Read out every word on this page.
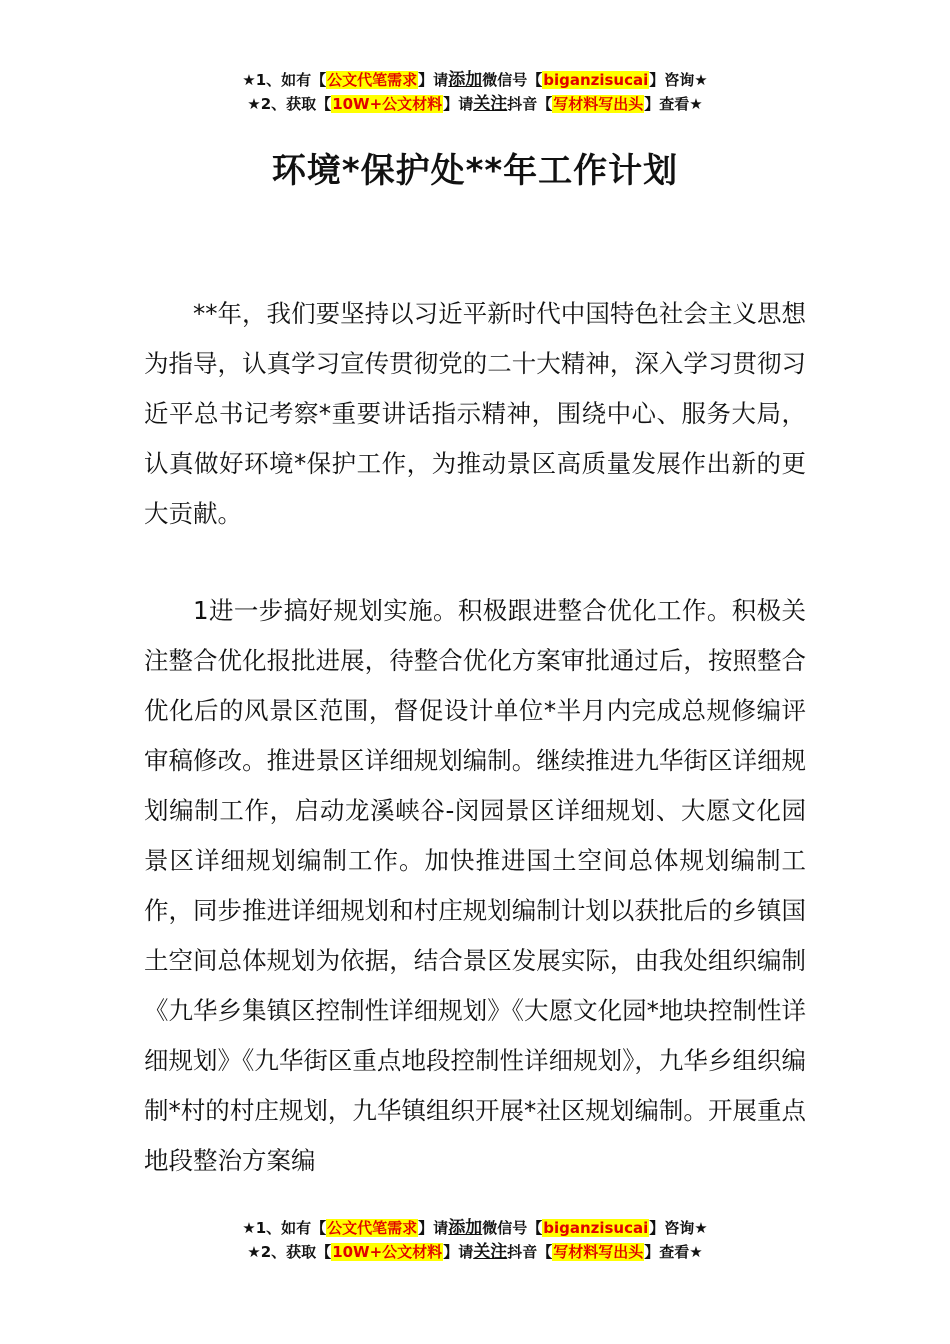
★1、如有【公文代笔需求】请添加微信号【biganzisucai】咨询★
★2、获取【10W+公文材料】请关注抖音【写材料写出头】查看★
环境*保护处**年工作计划

**年，我们要坚持以习近平新时代中国特色社会主义思想为指导，认真学习宣传贯彻党的二十大精神，深入学习贯彻习近平总书记考察*重要讲话指示精神，围绕中心、服务大局，认真做好环境*保护工作，为推动景区高质量发展作出新的更大贡献。

1进一步搞好规划实施。积极跟进整合优化工作。积极关注整合优化报批进展，待整合优化方案审批通过后，按照整合优化后的风景区范围，督促设计单位*半月内完成总规修编评审稿修改。推进景区详细规划编制。继续推进九华街区详细规划编制工作，启动龙溪峡谷-闵园景区详细规划、大愿文化园景区详细规划编制工作。加快推进国土空间总体规划编制工作，同步推进详细规划和村庄规划编制计划以获批后的乡镇国土空间总体规划为依据，结合景区发展实际，由我处组织编制《九华乡集镇区控制性详细规划》《大愿文化园*地块控制性详细规划》《九华街区重点地段控制性详细规划》，九华乡组织编制*村的村庄规划，九华镇组织开展*社区规划编制。开展重点地段整治方案编

★1、如有【公文代笔需求】请添加微信号【biganzisucai】咨询★
★2、获取【10W+公文材料】请关注抖音【写材料写出头】查看★
